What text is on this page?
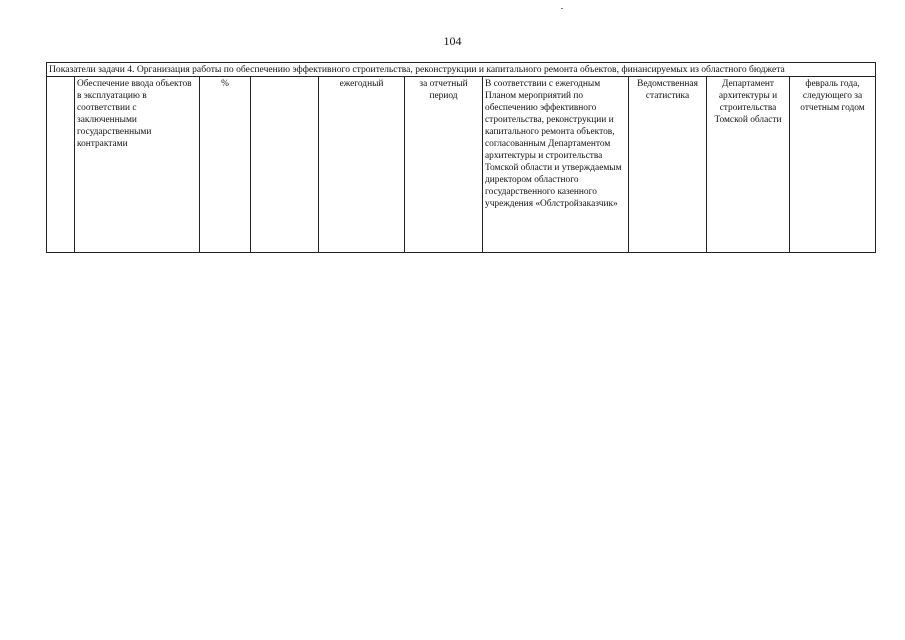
104
Показатели задачи 4. Организация работы по обеспечению эффективного строительства, реконструкции и капитального ремонта объектов, финансируемых из областного бюджета
	Обеспечение ввода объектов в эксплуатацию в соответствии с заключенными государственными контрактами	%		ежегодный	за отчетный период	В соответствии с ежегодным Планом мероприятий по обеспечению эффективного строительства, реконструкции и капитального ремонта объектов, согласованным Департаментом архитектуры и строительства Томской области и утверждаемым директором областного государственного казенного учреждения «Облстройзаказчик»	Ведомственная статистика	Департамент архитектуры и строительства Томской области	февраль года, следующего за отчетным годом
